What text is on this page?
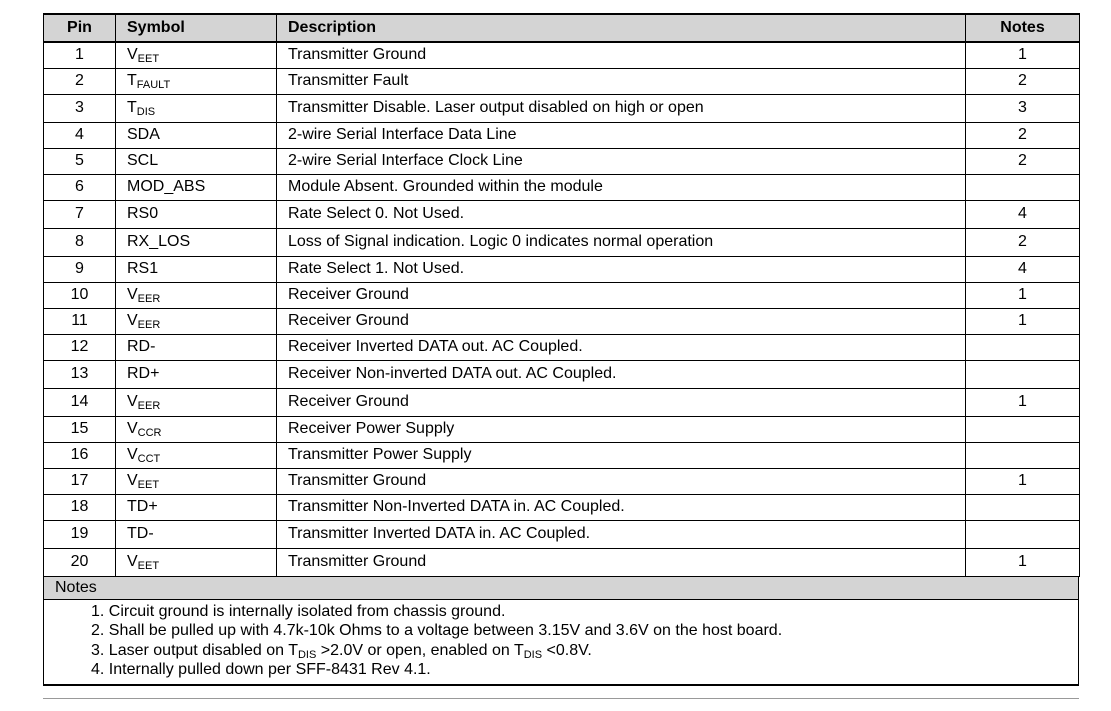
Pin	Symbol	Description	Notes
1	$V_{EET}$	Transmitter Ground	1
2	$T_{FAULT}$	Transmitter Fault	2
3	$T_{DIS}$	Transmitter Disable. Laser output disabled on high or open	3
4	SDA	2-wire Serial Interface Data Line	2
5	SCL	2-wire Serial Interface Clock Line	2
6	MOD_ABS	Module Absent. Grounded within the module	
7	RS0	Rate Select 0. Not Used.	4
8	RX_LOS	Loss of Signal indication. Logic 0 indicates normal operation	2
9	RS1	Rate Select 1. Not Used.	4
10	$V_{EER}$	Receiver Ground	1
11	$V_{EER}$	Receiver Ground	1
12	RD-	Receiver Inverted DATA out. AC Coupled.	
13	RD+	Receiver Non-inverted DATA out. AC Coupled.	
14	$V_{EER}$	Receiver Ground	1
15	$V_{CCR}$	Receiver Power Supply	
16	$V_{CCT}$	Transmitter Power Supply	
17	$V_{EET}$	Transmitter Ground	1
18	TD+	Transmitter Non-Inverted DATA in. AC Coupled.	
19	TD-	Transmitter Inverted DATA in. AC Coupled.	
20	$V_{EET}$	Transmitter Ground	1
Notes
1. Circuit ground is internally isolated from chassis ground.
2. Shall be pulled up with 4.7k-10k Ohms to a voltage between 3.15V and 3.6V on the host board.
3. Laser output disabled on $T_{DIS} >2.0V$ or open, enabled on $T_{DIS} <0.8V$.
4. Internally pulled down per SFF-8431 Rev 4.1.
